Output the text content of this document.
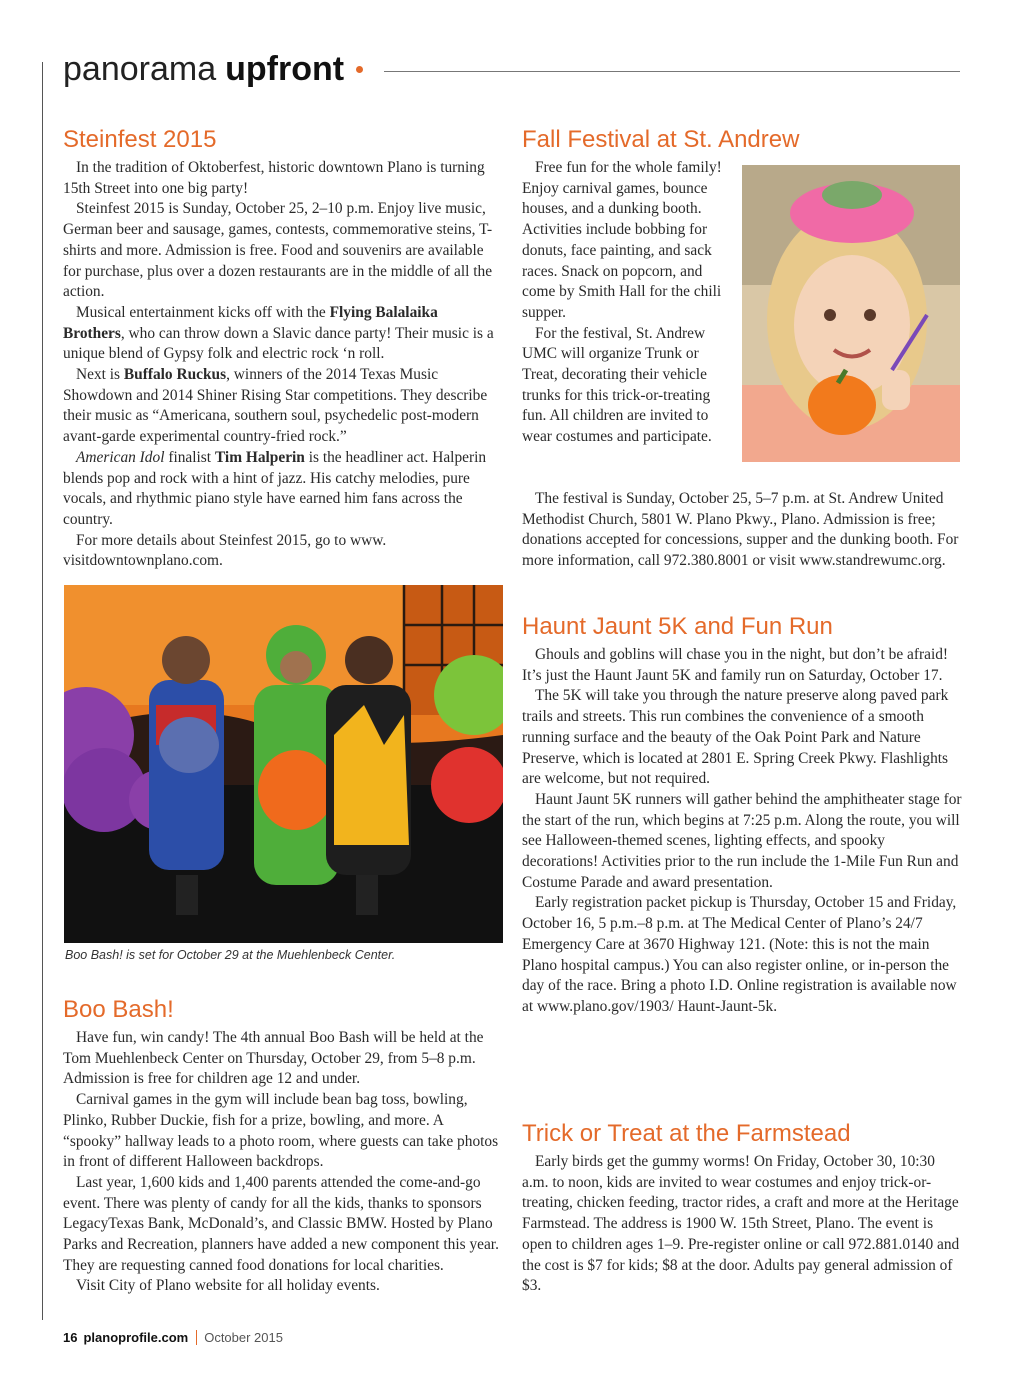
panorama upfront
Steinfest 2015

In the tradition of Oktoberfest, historic downtown Plano is turning 15th Street into one big party!

Steinfest 2015 is Sunday, October 25, 2–10 p.m. Enjoy live music, German beer and sausage, games, contests, commemorative steins, T-shirts and more. Admission is free. Food and souvenirs are available for purchase, plus over a dozen restaurants are in the middle of all the action.

Musical entertainment kicks off with the Flying Balalaika Brothers, who can throw down a Slavic dance party! Their music is a unique blend of Gypsy folk and electric rock ‘n roll.

Next is Buffalo Ruckus, winners of the 2014 Texas Music Showdown and 2014 Shiner Rising Star competitions. They describe their music as “Americana, southern soul, psychedelic post-modern avant-garde experimental country-fried rock.”

American Idol finalist Tim Halperin is the headliner act. Halperin blends pop and rock with a hint of jazz. His catchy melodies, pure vocals, and rhythmic piano style have earned him fans across the country.

For more details about Steinfest 2015, go to www. visitdowntownplano.com.

Boo Bash! is set for October 29 at the Muehlenbeck Center.
Boo Bash!

Have fun, win candy! The 4th annual Boo Bash will be held at the Tom Muehlenbeck Center on Thursday, October 29, from 5–8 p.m. Admission is free for children age 12 and under.

Carnival games in the gym will include bean bag toss, bowling, Plinko, Rubber Duckie, fish for a prize, bowling, and more. A “spooky” hallway leads to a photo room, where guests can take photos in front of different Halloween backdrops.

Last year, 1,600 kids and 1,400 parents attended the come-and-go event. There was plenty of candy for all the kids, thanks to sponsors LegacyTexas Bank, McDonald’s, and Classic BMW. Hosted by Plano Parks and Recreation, planners have added a new component this year. They are requesting canned food donations for local charities.

Visit City of Plano website for all holiday events.

Fall Festival at St. Andrew

Free fun for the whole family! Enjoy carnival games, bounce houses, and a dunking booth. Activities include bobbing for donuts, face painting, and sack races. Snack on popcorn, and come by Smith Hall for the chili supper.

For the festival, St. Andrew UMC will organize Trunk or Treat, decorating their vehicle trunks for this trick-or-treating fun. All children are invited to wear costumes and participate.

The festival is Sunday, October 25, 5–7 p.m. at St. Andrew United Methodist Church, 5801 W. Plano Pkwy., Plano. Admission is free; donations accepted for concessions, supper and the dunking booth. For more information, call 972.380.8001 or visit www.standrewumc.org.

Haunt Jaunt 5K and Fun Run

Ghouls and goblins will chase you in the night, but don’t be afraid! It’s just the Haunt Jaunt 5K and family run on Saturday, October 17.

The 5K will take you through the nature preserve along paved park trails and streets. This run combines the convenience of a smooth running surface and the beauty of the Oak Point Park and Nature Preserve, which is located at 2801 E. Spring Creek Pkwy. Flashlights are welcome, but not required.

Haunt Jaunt 5K runners will gather behind the amphitheater stage for the start of the run, which begins at 7:25 p.m. Along the route, you will see Halloween-themed scenes, lighting effects, and spooky decorations! Activities prior to the run include the 1-Mile Fun Run and Costume Parade and award presentation.

Early registration packet pickup is Thursday, October 15 and Friday, October 16, 5 p.m.–8 p.m. at The Medical Center of Plano’s 24/7 Emergency Care at 3670 Highway 121. (Note: this is not the main Plano hospital campus.) You can also register online, or in-person the day of the race. Bring a photo I.D. Online registration is available now at www.plano.gov/1903/ Haunt-Jaunt-5k.

Trick or Treat at the Farmstead

Early birds get the gummy worms! On Friday, October 30, 10:30 a.m. to noon, kids are invited to wear costumes and enjoy trick-or-treating, chicken feeding, tractor rides, a craft and more at the Heritage Farmstead. The address is 1900 W. 15th Street, Plano. The event is open to children ages 1–9. Pre-register online or call 972.881.0140 and the cost is $7 for kids; $8 at the door. Adults pay general admission of $3.

16 planoprofile.com October 2015
